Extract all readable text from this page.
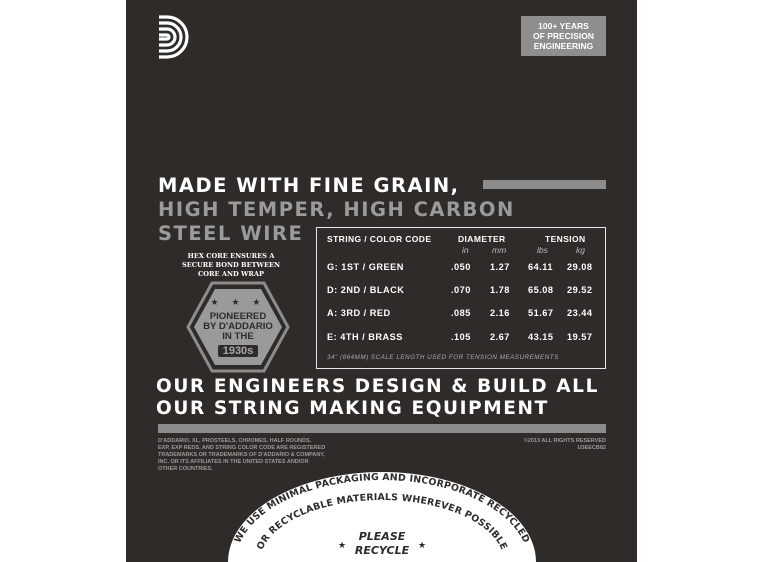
100+ YEARS
OF PRECISION
ENGINEERING
MADE WITH FINE GRAIN,
HIGH TEMPER, HIGH CARBON
STEEL WIRE
HEX CORE ENSURES A
SECURE BOND BETWEEN
CORE AND WRAP
★ ★ ★
PIONEERED
BY D'ADDARIO
IN THE
1930s
STRING / COLOR CODE	DIAMETER	TENSION
in	mm	lbs	kg
G: 1ST / GREEN	.050 1.27 64.11 29.08
D: 2ND / BLACK	.070 1.78 65.08 29.52
A: 3RD / RED	.085 2.16 51.67 23.44
E: 4TH / BRASS	.105 2.67 43.15 19.57
34" (864MM) SCALE LENGTH USED FOR TENSION MEASUREMENTS
OUR ENGINEERS DESIGN & BUILD ALL
OUR STRING MAKING EQUIPMENT
D'ADDARIO, XL, PROSTEELS, CHROMES, HALF ROUNDS,
EXP, EXP REDS, AND STRING COLOR CODE ARE REGISTERED
TRADEMARKS OR TRADEMARKS OF D'ADDARIO & COMPANY,
INC. OR ITS AFFILIATES IN THE UNITED STATES AND/OR
OTHER COUNTRIES.
©2013 ALL RIGHTS RESERVED
U3EECB82
WE USE MINIMAL PACKAGING AND INCORPORATE RECYCLED
OR RECYCLABLE MATERIALS WHEREVER POSSIBLE
PLEASE
RECYCLE
★	★
